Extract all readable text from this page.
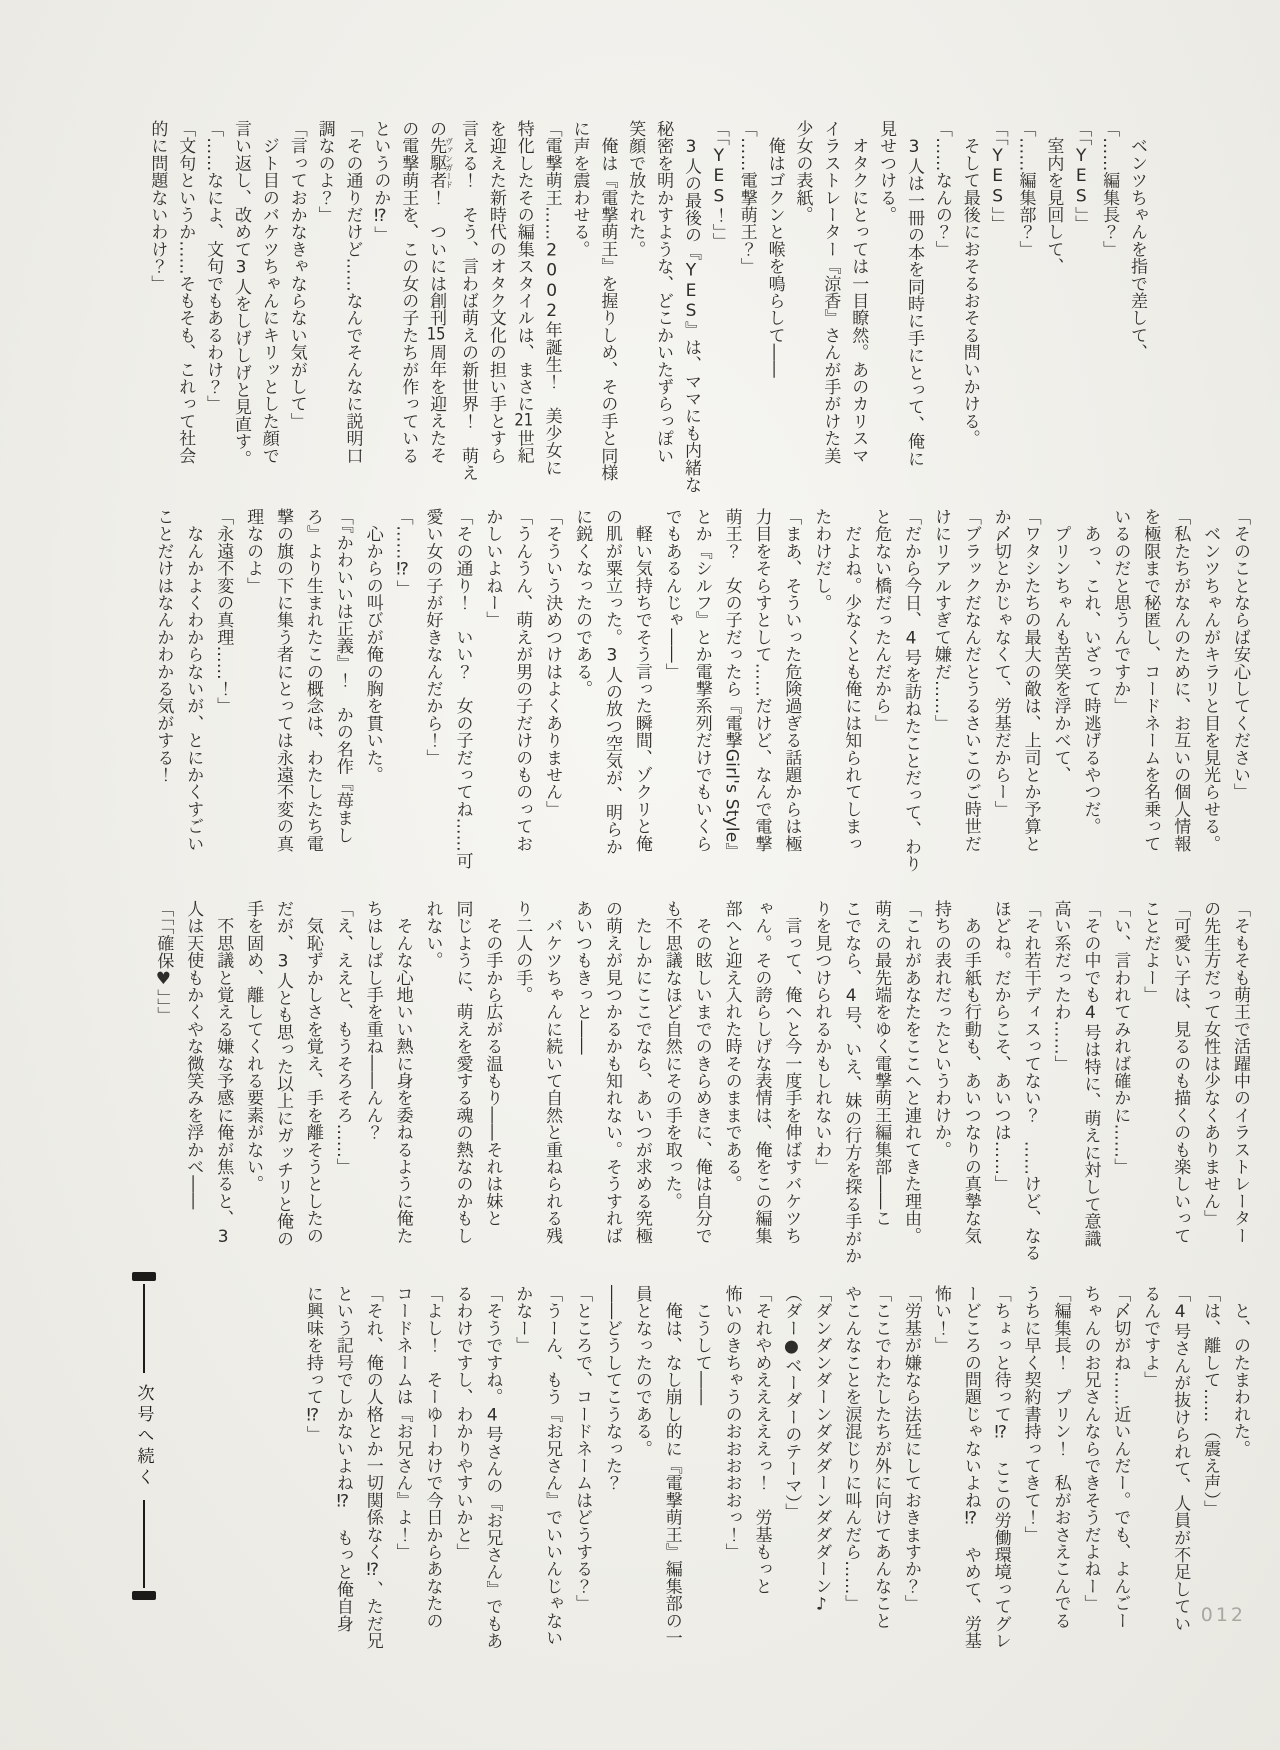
　ベンツちゃんを指で差して、

「……編集長？」

「「YES」」

　室内を見回して、

「……編集部？」

「「YES」」

　そして最後におそるおそる問いかける。

「……なんの？」

　3人は一冊の本を同時に手にとって、俺に

見せつける。

　オタクにとっては一目瞭然。あのカリスマ

イラストレーター『涼香』さんが手がけた美

少女の表紙。

　俺はゴクンと喉を鳴らして――

「……電撃萌王？」

「「YES！」」

　3人の最後の『YES』は、ママにも内緒な

秘密を明かすような、どこかいたずらっぽい

笑顔で放たれた。

　俺は『電撃萌王』を握りしめ、その手と同様

に声を震わせる。

「電撃萌王……2002年誕生！　美少女に

特化したその編集スタイルは、まさに21世紀

を迎えた新時代のオタク文化の担い手とすら

言える！　そう、言わば萌えの新世界！　萌え

の先駆者ヴァンガード！　ついには創刊15周年を迎えたそ

の電撃萌王を、この女の子たちが作っている

というのか⁉」

「その通りだけど……なんでそんなに説明口

調なのよ？」

「言っておかなきゃならない気がして」

　ジト目のバケツちゃんにキリッとした顔で

言い返し、改めて3人をしげしげと見直す。

「……なによ、文句でもあるわけ？」

「文句というか……そもそも、これって社会

的に問題ないわけ？」

「そのことならば安心してください」

　ベンツちゃんがキラリと目を見光らせる。

「私たちがなんのために、お互いの個人情報

を極限まで秘匿し、コードネームを名乗って

いるのだと思うんですか」

　あっ、これ、いざって時逃げるやつだ。

　プリンちゃんも苦笑を浮かべて、

「ワタシたちの最大の敵は、上司とか予算と

か〆切とかじゃなくて、労基だからー」

「ブラックだなんだとうるさいこのご時世だ

けにリアルすぎて嫌だ……」

「だから今日、4号を訪ねたことだって、わり

と危ない橋だったんだから」

　だよね。少なくとも俺には知られてしまっ

たわけだし。

「まあ、そういった危険過ぎる話題からは極

力目をそらすとして……だけど、なんで電撃

萌王？　女の子だったら『電撃Girl's Style』

とか『シルフ』とか電撃系列だけでもいくら

でもあるんじゃ――」

　軽い気持ちでそう言った瞬間、ゾクリと俺

の肌が粟立った。3人の放つ空気が、明らか

に鋭くなったのである。

「そういう決めつけはよくありません」

「うんうん、萌えが男の子だけのものってお

かしいよねー」

「その通り！　いい？　女の子だってね……可

愛い女の子が好きなんだから！」

「……⁉」

　心からの叫びが俺の胸を貫いた。

「『かわいいは正義』！　かの名作『苺まし

ろ』より生まれたこの概念は、わたしたち電

撃の旗の下に集う者にとっては永遠不変の真

理なのよ」

「永遠不変の真理……！」

　なんかよくわからないが、とにかくすごい

ことだけはなんかわかる気がする！

「そもそも萌王で活躍中のイラストレーター

の先生方だって女性は少なくありません」

「可愛い子は、見るのも描くのも楽しいって

ことだよー」

「い、言われてみれば確かに……」

「その中でも4号は特に、萌えに対して意識

高い系だったわ……」

「それ若干ディスってない？　……けど、なる

ほどね。だからこそ、あいつは……」

　あの手紙も行動も、あいつなりの真摯な気

持ちの表れだったというわけか。

「これがあなたをここへと連れてきた理由。

萌えの最先端をゆく電撃萌王編集部――こ

こでなら、4号、いえ、妹の行方を探る手がか

りを見つけられるかもしれないわ」

　言って、俺へと今一度手を伸ばすバケツち

ゃん。その誇らしげな表情は、俺をこの編集

部へと迎え入れた時そのままである。

　その眩しいまでのきらめきに、俺は自分で

も不思議なほど自然にその手を取った。

　たしかにここでなら、あいつが求める究極

の萌えが見つかるかも知れない。そうすれば

あいつもきっと――

　バケツちゃんに続いて自然と重ねられる残

り二人の手。

　その手から広がる温もり――それは妹と

同じように、萌えを愛する魂の熱なのかもし

れない。

　そんな心地いい熱に身を委ねるように俺た

ちはしばし手を重ね――んん？

「え、ええと、もうそろそろ……」

　気恥ずかしさを覚え、手を離そうとしたの

だが、3人とも思った以上にガッチリと俺の

手を固め、離してくれる要素がない。

　不思議と覚える嫌な予感に俺が焦ると、3

人は天使もかくやな微笑みを浮かべ――

「「「確保♥」」」

　と、のたまわれた。

「は、離して……（震え声）」

「4号さんが抜けられて、人員が不足してい

るんですよ」

「〆切がね……近いんだー。でも、よんごー

ちゃんのお兄さんならできそうだよねー」

「編集長！　プリン！　私がおさえこんでる

うちに早く契約書持ってきて！」

「ちょっと待って⁉　ここの労働環境ってグレ

ーどころの問題じゃないよね⁉　やめて、労基

怖い！」

「労基が嫌なら法廷にしておきますか？」

「ここでわたしたちが外に向けてあんなこと

やこんなことを涙混じりに叫んだら……」

「ダンダンダーンダダダーンダダダーン♪

（ダー●ベーダーのテーマ）」

「それやめえええええっ！　労基もっと

怖いのきちゃうのおおおおおっ！」

　こうして――

　俺は、なし崩し的に『電撃萌王』編集部の一

員となったのである。

――どうしてこうなった？

「ところで、コードネームはどうする？」

「うーん、もう『お兄さん』でいいんじゃない

かなー」

「そうですね。4号さんの『お兄さん』でもあ

るわけですし、わかりやすいかと」

「よし！　そーゆーわけで今日からあなたの

コードネームは『お兄さん』よ！」

「それ、俺の人格とか一切関係なく⁉、ただ兄

という記号でしかないよね⁉　もっと俺自身

に興味を持って⁉」

次号へ続く
012
